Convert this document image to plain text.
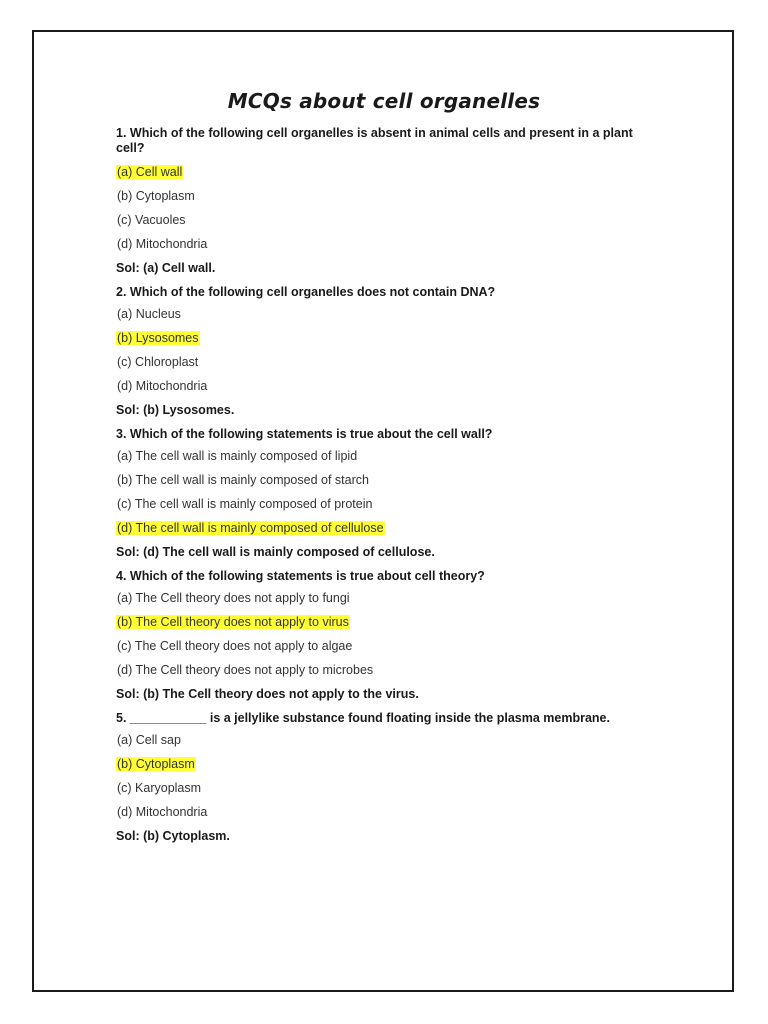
MCQs about cell organelles

1. Which of the following cell organelles is absent in animal cells and present in a plant cell?

(a) Cell wall

(b) Cytoplasm

(c) Vacuoles

(d) Mitochondria

Sol: (a) Cell wall.

2. Which of the following cell organelles does not contain DNA?

(a) Nucleus

(b) Lysosomes

(c) Chloroplast

(d) Mitochondria

Sol: (b) Lysosomes.

3. Which of the following statements is true about the cell wall?

(a) The cell wall is mainly composed of lipid

(b) The cell wall is mainly composed of starch

(c) The cell wall is mainly composed of protein

(d) The cell wall is mainly composed of cellulose

Sol: (d) The cell wall is mainly composed of cellulose.

4. Which of the following statements is true about cell theory?

(a) The Cell theory does not apply to fungi

(b) The Cell theory does not apply to virus

(c) The Cell theory does not apply to algae

(d) The Cell theory does not apply to microbes

Sol: (b) The Cell theory does not apply to the virus.

5. ___________ is a jellylike substance found floating inside the plasma membrane.

(a) Cell sap

(b) Cytoplasm

(c) Karyoplasm

(d) Mitochondria

Sol: (b) Cytoplasm.
